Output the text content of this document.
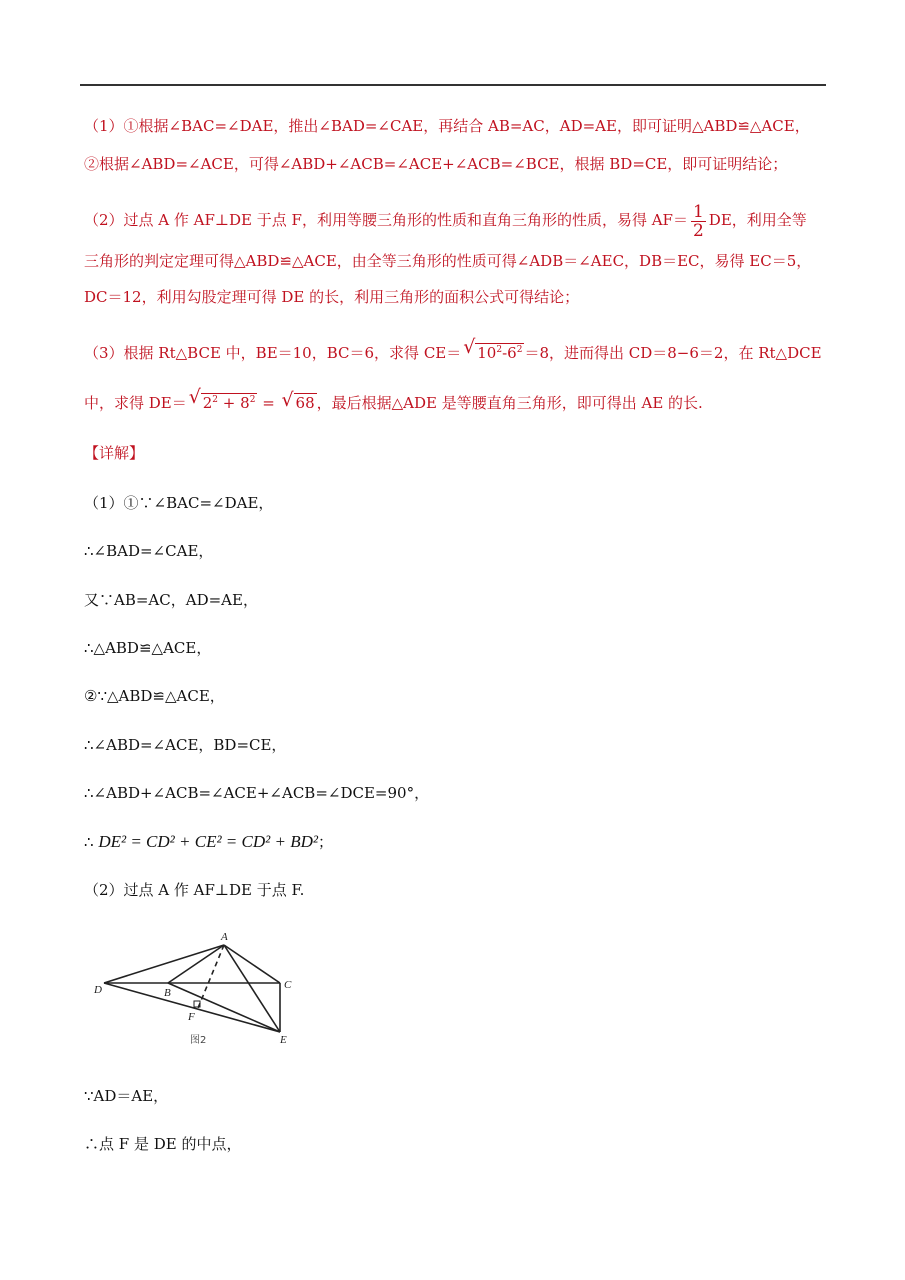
（1）①根据∠BAC=∠DAE，推出∠BAD=∠CAE，再结合 AB=AC，AD=AE，即可证明△ABD≌△ACE，
②根据∠ABD=∠ACE，可得∠ABD+∠ACB=∠ACE+∠ACB=∠BCE，根据 BD=CE，即可证明结论；
（2）过点 A 作 AF⊥DE 于点 F，利用等腰三角形的性质和直角三角形的性质，易得 $AF= \frac{1}{2}$ DE，利用全等
三角形的判定定理可得△ABD≌△ACE，由全等三角形的性质可得∠ADB＝∠AEC，DB＝EC，易得 EC＝5，
DC＝12，利用勾股定理可得 DE 的长，利用三角形的面积公式可得结论；
（3）根据 Rt△BCE 中，BE＝10，BC＝6，求得 CE＝ √ $10^2-6^2 =8$，进而得出 CD＝8−6＝2，在 Rt△DCE
中，求得 DE＝ √ $2^2 + 8^2$ = √ 68 ，最后根据△ADE 是等腰直角三角形，即可得出 AE 的长.
【详解】
（1）①∵∠BAC=∠DAE，
∴∠BAD=∠CAE，
又∵AB=AC，AD=AE，
∴△ABD≌△ACE，
②∵△ABD≌△ACE，
∴∠ABD=∠ACE，BD=CE，
∴∠ABD+∠ACB=∠ACE+∠ACB=∠DCE=90°，
∴ DE² = CD² + CE² = CD² + BD²；
（2）过点 A 作 AF⊥DE 于点 F.
A
B
C
D
E
F
图2
∵AD＝AE，
∴点 F 是 DE 的中点，
